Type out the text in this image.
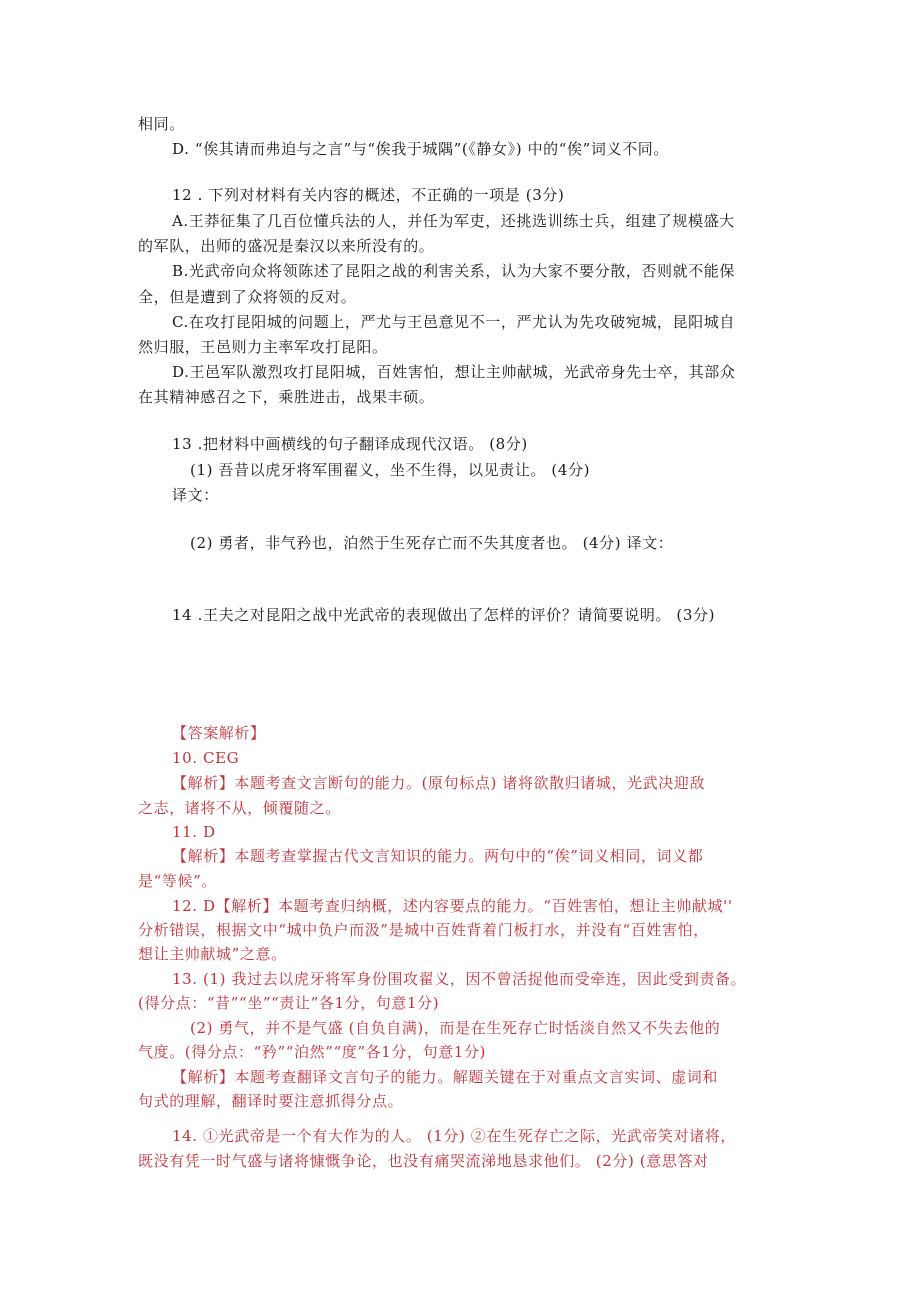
相同。
D. “俟其请而弗迫与之言”与“俟我于城隅”(《静女》) 中的“俟”词义不同。
12 . 下列对材料有关内容的概述，不正确的一项是 (3分)
A.王莽征集了几百位懂兵法的人，并任为军吏，还挑选训练士兵，组建了规模盛大
的军队，出师的盛况是秦汉以来所没有的。
B.光武帝向众将领陈述了昆阳之战的利害关系，认为大家不要分散，否则就不能保
全，但是遭到了众将领的反对。
C.在攻打昆阳城的问题上，严尤与王邑意见不一，严尤认为先攻破宛城，昆阳城自
然归服，王邑则力主率军攻打昆阳。
D.王邑军队激烈攻打昆阳城，百姓害怕，想让主帅献城，光武帝身先士卒，其部众
在其精神感召之下，乘胜进击，战果丰硕。
13 .把材料中画横线的句子翻译成现代汉语。 (8分)
(1) 吾昔以虎牙将军围翟义，坐不生得，以见责让。 (4分)
译文：
(2) 勇者，非气矜也，泊然于生死存亡而不失其度者也。 (4分) 译文：
14 .王夫之对昆阳之战中光武帝的表现做出了怎样的评价？请简要说明。 (3分)
【答案解析】
10. CEG
【解析】本题考查文言断句的能力。(原句标点) 诸将欲散归诸城，光武决迎敌
之志，诸将不从，倾覆随之。
11. D
【解析】本题考查掌握古代文言知识的能力。两句中的“俟”词义相同，词义都
是“等候”。
12. D【解析】本题考查归纳概，述内容要点的能力。“百姓害怕，想让主帅献城''
分析错误，根据文中“城中负户而汲”是城中百姓背着门板打水，并没有“百姓害怕，
想让主帅献城”之意。
13. (1) 我过去以虎牙将军身份围攻翟义，因不曾活捉他而受牵连，因此受到责备。
(得分点：“昔”“坐”“责让”各1分，句意1分)
(2) 勇气，并不是气盛 (自负自满)，而是在生死存亡时恬淡自然又不失去他的
气度。(得分点：“矜”“泊然”“度”各1分，句意1分)
【解析】本题考查翻译文言句子的能力。解题关键在于对重点文言实词、虚词和
句式的理解，翻译时要注意抓得分点。
14. ①光武帝是一个有大作为的人。 (1分) ②在生死存亡之际，光武帝笑对诸将，
既没有凭一时气盛与诸将慷慨争论，也没有痛哭流涕地恳求他们。 (2分) (意思答对
